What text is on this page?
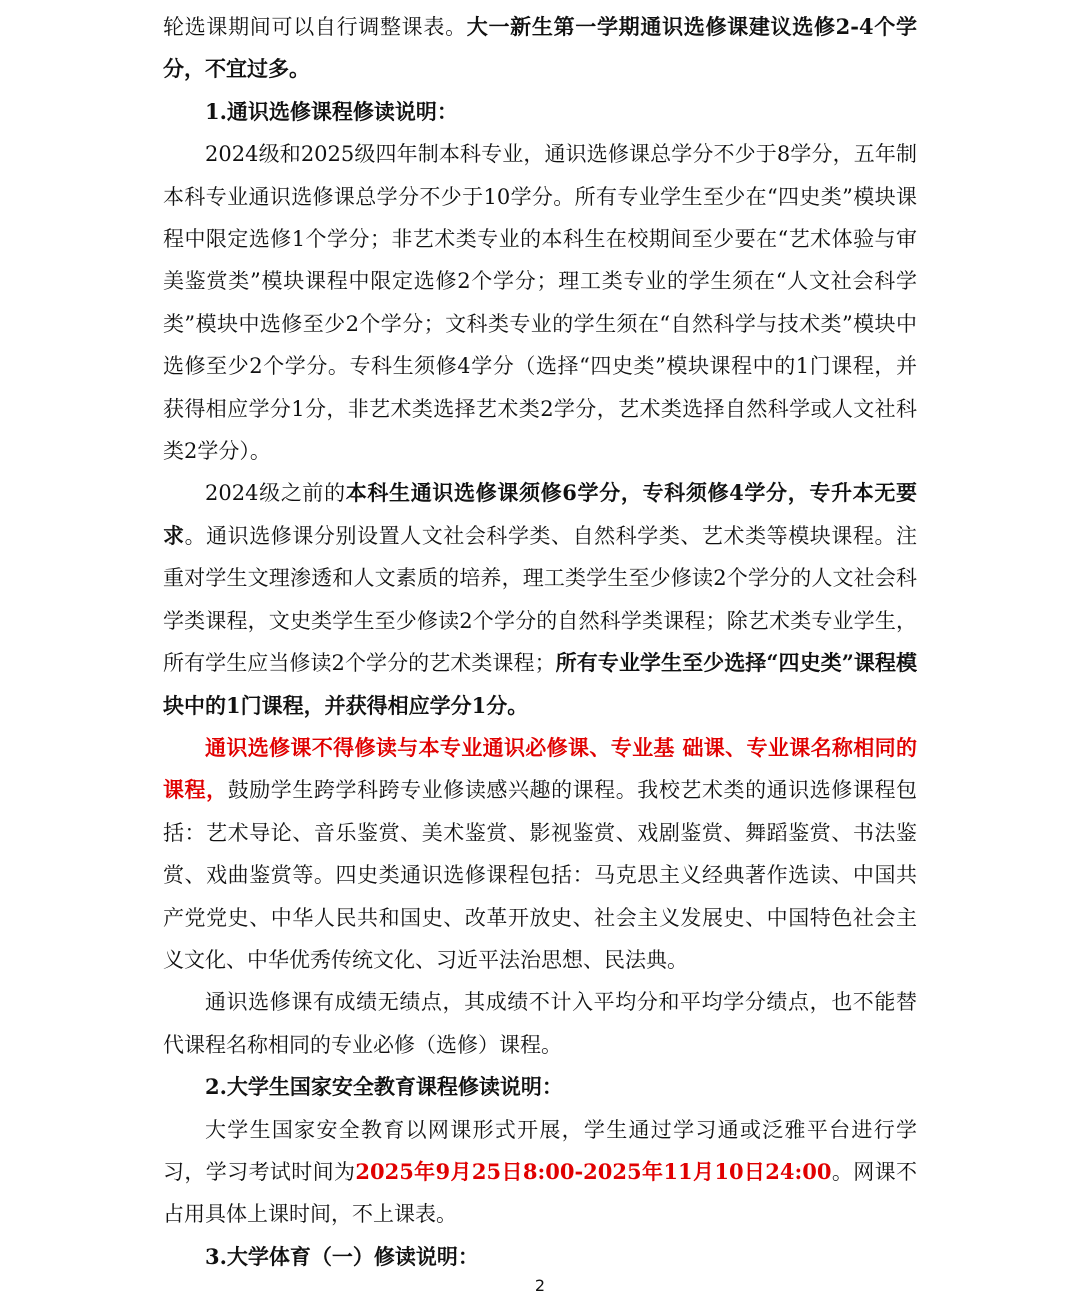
轮选课期间可以自行调整课表。大一新生第一学期通识选修课建议选修2-4个学分，不宜过多。

1.通识选修课程修读说明：

2024级和2025级四年制本科专业，通识选修课总学分不少于8学分，五年制本科专业通识选修课总学分不少于10学分。所有专业学生至少在“四史类”模块课程中限定选修1个学分；非艺术类专业的本科生在校期间至少要在“艺术体验与审美鉴赏类”模块课程中限定选修2个学分；理工类专业的学生须在“人文社会科学类”模块中选修至少2个学分；文科类专业的学生须在“自然科学与技术类”模块中选修至少2个学分。专科生须修4学分（选择“四史类”模块课程中的1门课程，并获得相应学分1分，非艺术类选择艺术类2学分，艺术类选择自然科学或人文社科类2学分）。

2024级之前的本科生通识选修课须修6学分，专科须修4学分，专升本无要求。通识选修课分别设置人文社会科学类、自然科学类、艺术类等模块课程。注重对学生文理渗透和人文素质的培养，理工类学生至少修读2个学分的人文社会科学类课程，文史类学生至少修读2个学分的自然科学类课程；除艺术类专业学生，所有学生应当修读2个学分的艺术类课程；所有专业学生至少选择“四史类”课程模块中的1门课程，并获得相应学分1分。

通识选修课不得修读与本专业通识必修课、专业基 础课、专业课名称相同的课程，鼓励学生跨学科跨专业修读感兴趣的课程。我校艺术类的通识选修课程包括：艺术导论、音乐鉴赏、美术鉴赏、影视鉴赏、戏剧鉴赏、舞蹈鉴赏、书法鉴赏、戏曲鉴赏等。四史类通识选修课程包括：马克思主义经典著作选读、中国共产党党史、中华人民共和国史、改革开放史、社会主义发展史、中国特色社会主义文化、中华优秀传统文化、习近平法治思想、民法典。

通识选修课有成绩无绩点，其成绩不计入平均分和平均学分绩点，也不能替代课程名称相同的专业必修（选修）课程。

2.大学生国家安全教育课程修读说明：

大学生国家安全教育以网课形式开展，学生通过学习通或泛雅平台进行学习，学习考试时间为2025年9月25日8:00-2025年11月10日24:00。网课不占用具体上课时间，不上课表。

3.大学体育（一）修读说明：

2
